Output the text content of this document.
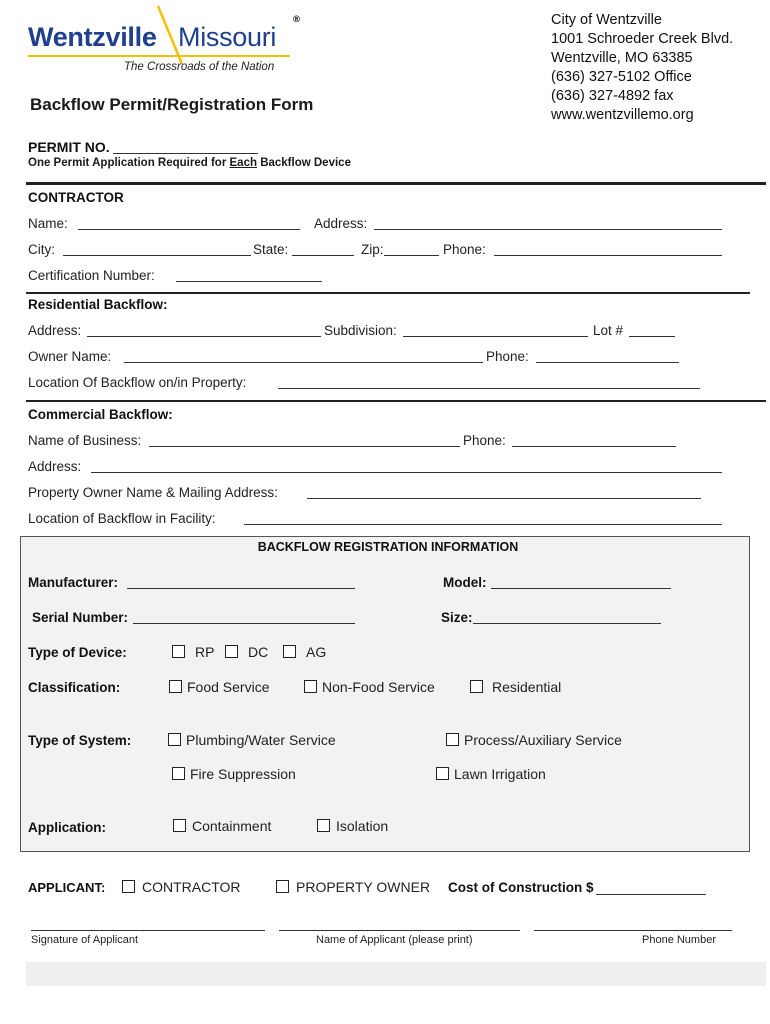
Wentzville Missouri
®
The Crossroads of the Nation
City of Wentzville
1001 Schroeder Creek Blvd.
Wentzville, MO 63385
(636) 327-5102 Office
(636) 327-4892 fax
www.wentzvillemo.org
Backflow Permit/Registration Form
PERMIT NO.
One Permit Application Required for Each Backflow Device
CONTRACTOR
Name:	Address:
City:	State:	Zip:	Phone:
Certification Number:
Residential Backflow:
Address:	Subdivision:	Lot #
Owner Name:	Phone:
Location Of Backflow on/in Property:
Commercial Backflow:
Name of Business:	Phone:
Address:
Property Owner Name & Mailing Address:
Location of Backflow in Facility:
BACKFLOW REGISTRATION INFORMATION
Manufacturer:	Model:
Serial Number:	Size:
Type of Device:	RP DC	AG
Classification:	Food Service	Non-Food Service	Residential
Type of System:	Plumbing/Water Service	Process/Auxiliary Service
Fire Suppression	Lawn Irrigation
Application:	Containment	Isolation
APPLICANT:	CONTRACTOR	PROPERTY OWNER Cost of Construction $
Signature of Applicant	Name of Applicant (please print)	Phone Number
